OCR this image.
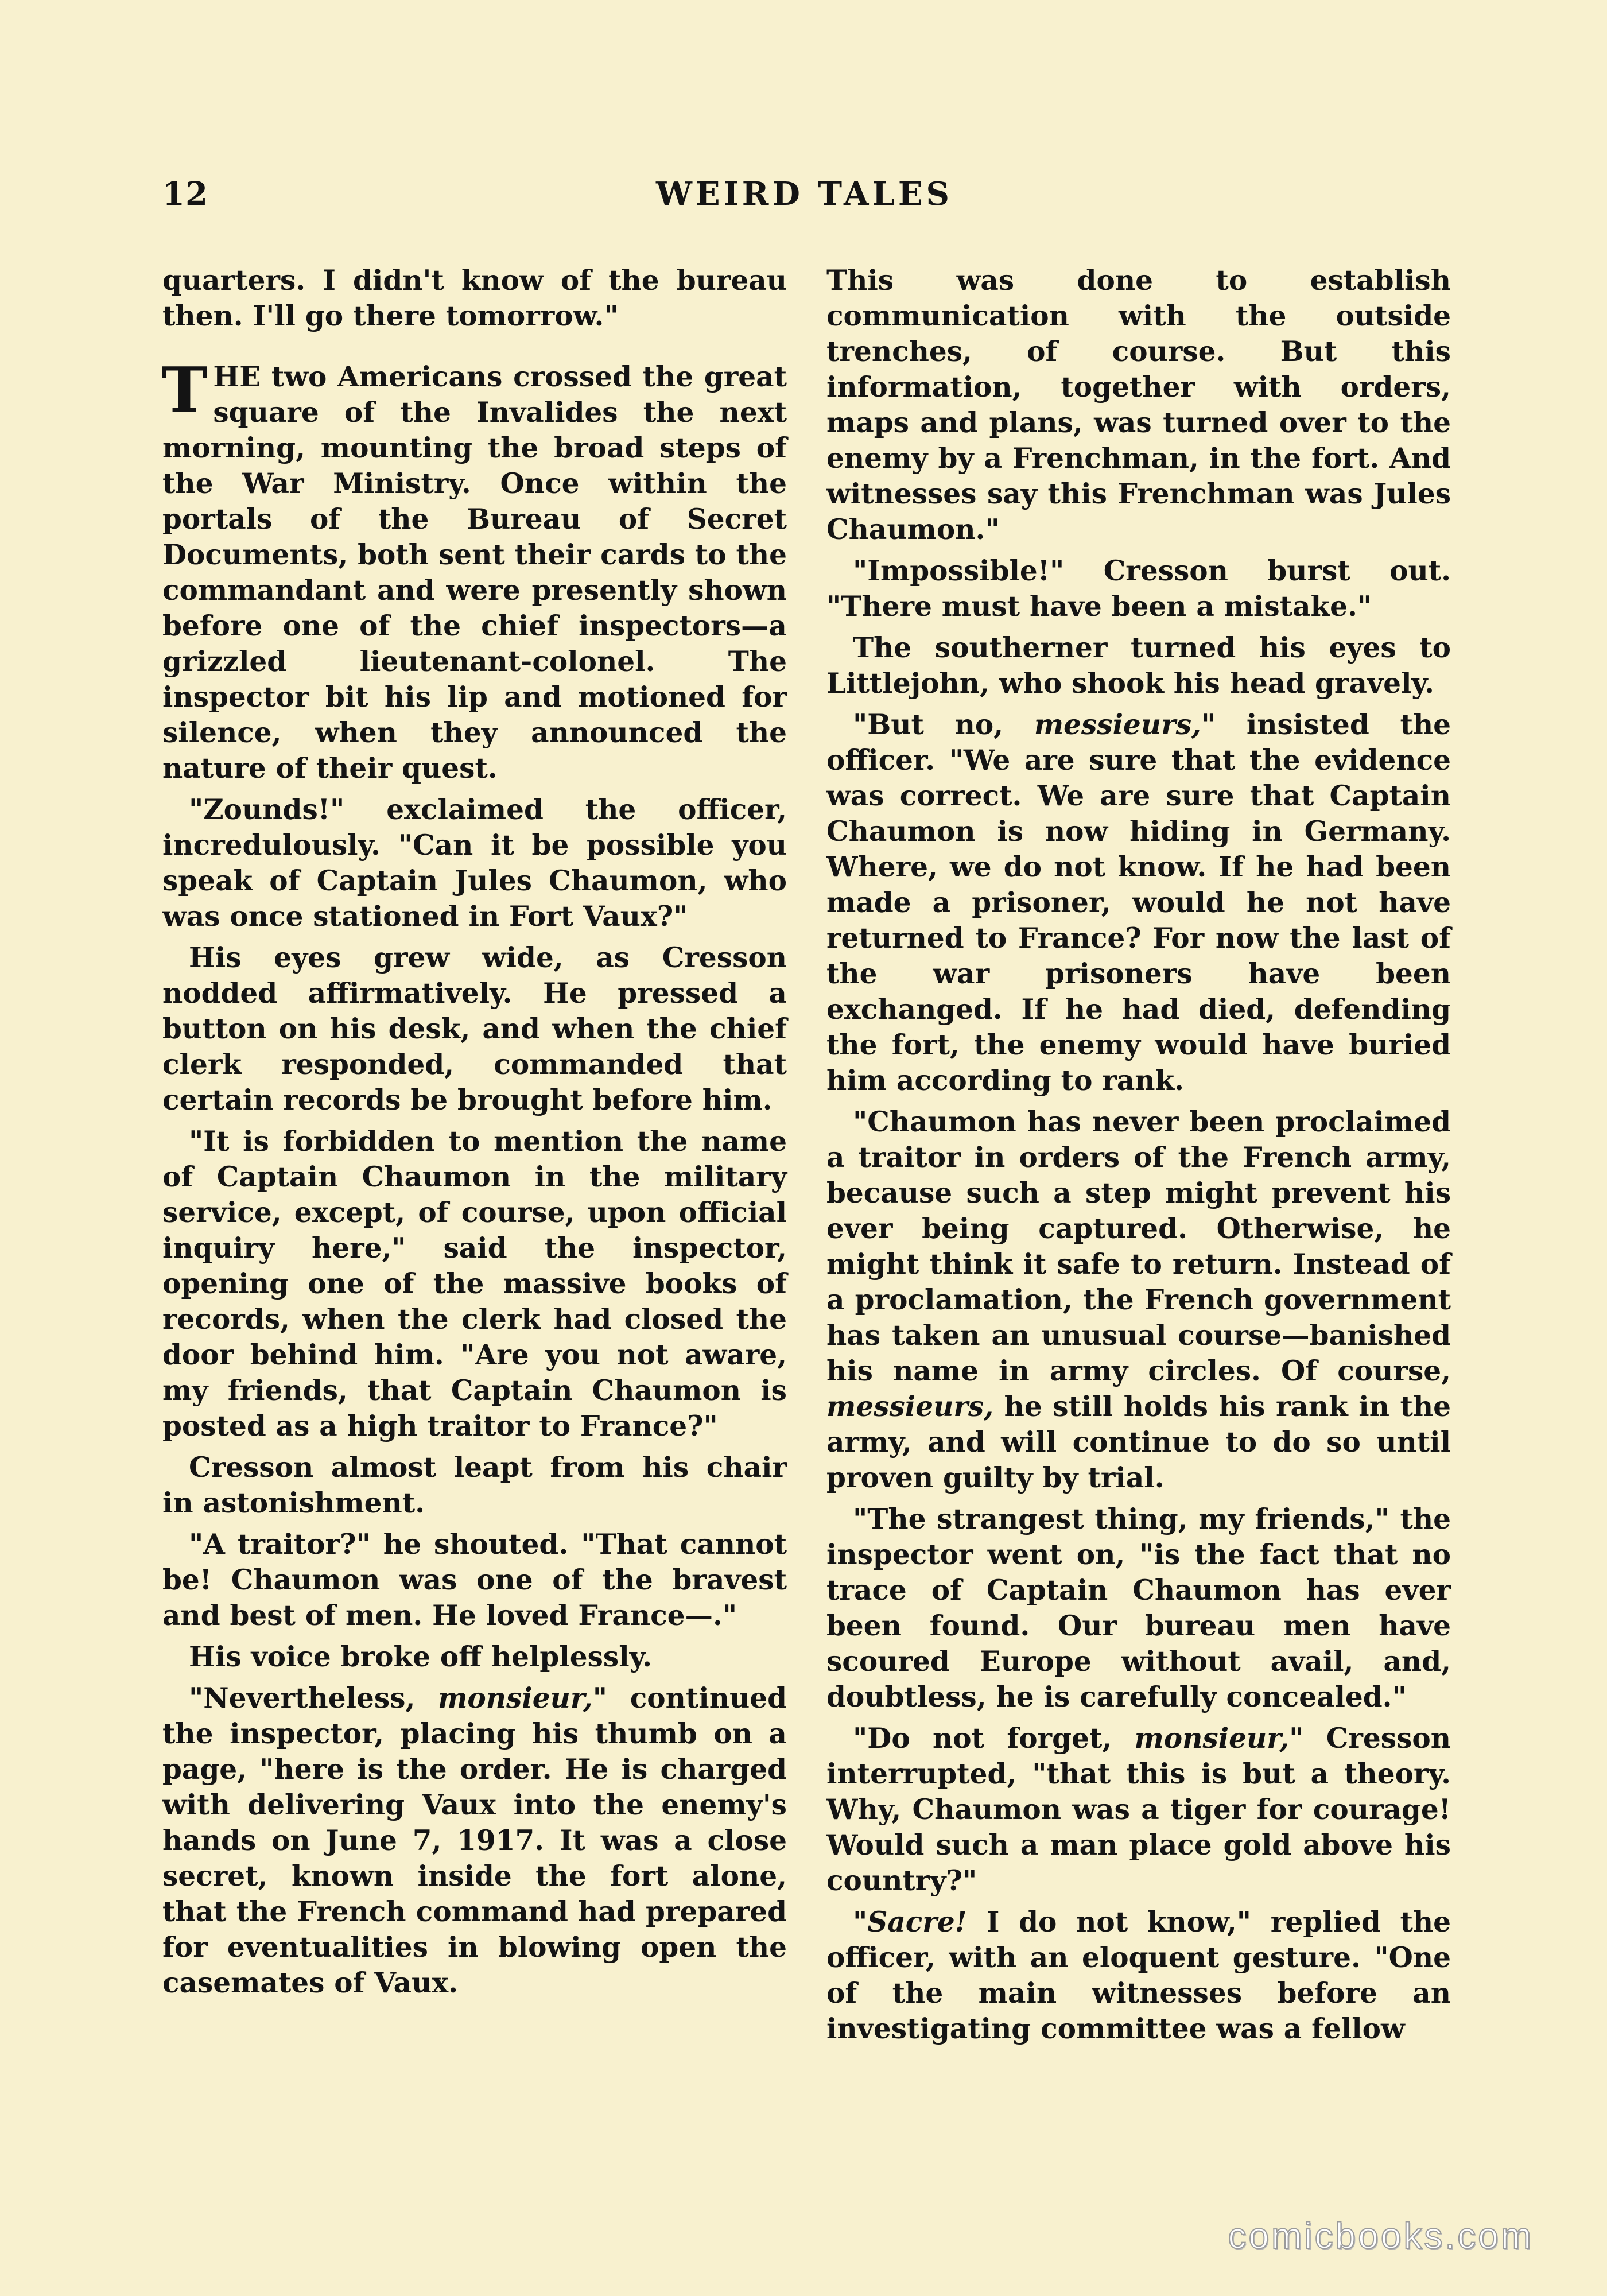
12	WEIRD TALES

quarters. I didn't know of the bureau then. I'll go there tomorrow."

THE two Americans crossed the great square of the Invalides the next morning, mounting the broad steps of the War Ministry. Once within the portals of the Bureau of Secret Documents, both sent their cards to the commandant and were presently shown before one of the chief inspectors—a grizzled lieutenant-colonel. The inspector bit his lip and motioned for silence, when they announced the nature of their quest.

"Zounds!" exclaimed the officer, incredulously. "Can it be possible you speak of Captain Jules Chaumon, who was once stationed in Fort Vaux?"

His eyes grew wide, as Cresson nodded affirmatively. He pressed a button on his desk, and when the chief clerk responded, commanded that certain records be brought before him.

"It is forbidden to mention the name of Captain Chaumon in the military service, except, of course, upon official inquiry here," said the inspector, opening one of the massive books of records, when the clerk had closed the door behind him. "Are you not aware, my friends, that Captain Chaumon is posted as a high traitor to France?"

Cresson almost leapt from his chair in astonishment.

"A traitor?" he shouted. "That cannot be! Chaumon was one of the bravest and best of men. He loved France—."

His voice broke off helplessly.

"Nevertheless, monsieur," continued the inspector, placing his thumb on a page, "here is the order. He is charged with delivering Vaux into the enemy's hands on June 7, 1917. It was a close secret, known inside the fort alone, that the French command had prepared for eventualities in blowing open the casemates of Vaux.

This was done to establish communication with the outside trenches, of course. But this information, together with orders, maps and plans, was turned over to the enemy by a Frenchman, in the fort. And witnesses say this Frenchman was Jules Chaumon."

"Impossible!" Cresson burst out. "There must have been a mistake."

The southerner turned his eyes to Littlejohn, who shook his head gravely.

"But no, messieurs," insisted the officer. "We are sure that the evidence was correct. We are sure that Captain Chaumon is now hiding in Germany. Where, we do not know. If he had been made a prisoner, would he not have returned to France? For now the last of the war prisoners have been exchanged. If he had died, defending the fort, the enemy would have buried him according to rank.

"Chaumon has never been proclaimed a traitor in orders of the French army, because such a step might prevent his ever being captured. Otherwise, he might think it safe to return. Instead of a proclamation, the French government has taken an unusual course—banished his name in army circles. Of course, messieurs, he still holds his rank in the army, and will continue to do so until proven guilty by trial.

"The strangest thing, my friends," the inspector went on, "is the fact that no trace of Captain Chaumon has ever been found. Our bureau men have scoured Europe without avail, and, doubtless, he is carefully concealed."

"Do not forget, monsieur," Cresson interrupted, "that this is but a theory. Why, Chaumon was a tiger for courage! Would such a man place gold above his country?"

"Sacre! I do not know," replied the officer, with an eloquent gesture. "One of the main witnesses before an investigating committee was a fellow

comicbooks.com
